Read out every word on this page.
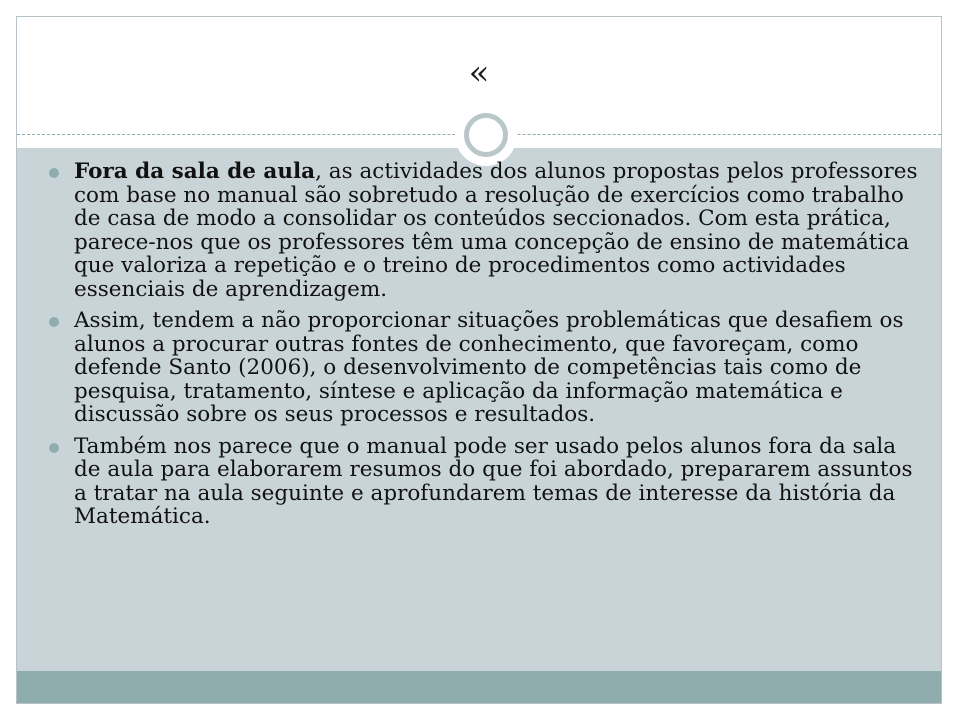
«
Fora da sala de aula, as actividades dos alunos propostas pelos professores com base no manual são sobretudo a resolução de exercícios como trabalho de casa de modo a consolidar os conteúdos seccionados. Com esta prática, parece-nos que os professores têm uma concepção de ensino de matemática que valoriza a repetição e o treino de procedimentos como actividades essenciais de aprendizagem.
Assim, tendem a não proporcionar situações problemáticas que desafiem os alunos a procurar outras fontes de conhecimento, que favoreçam, como defende Santo (2006), o desenvolvimento de competências tais como de pesquisa, tratamento, síntese e aplicação da informação matemática e discussão sobre os seus processos e resultados.
Também nos parece que o manual pode ser usado pelos alunos fora da sala de aula para elaborarem resumos do que foi abordado, prepararem assuntos a tratar na aula seguinte e aprofundarem temas de interesse da história da Matemática.
